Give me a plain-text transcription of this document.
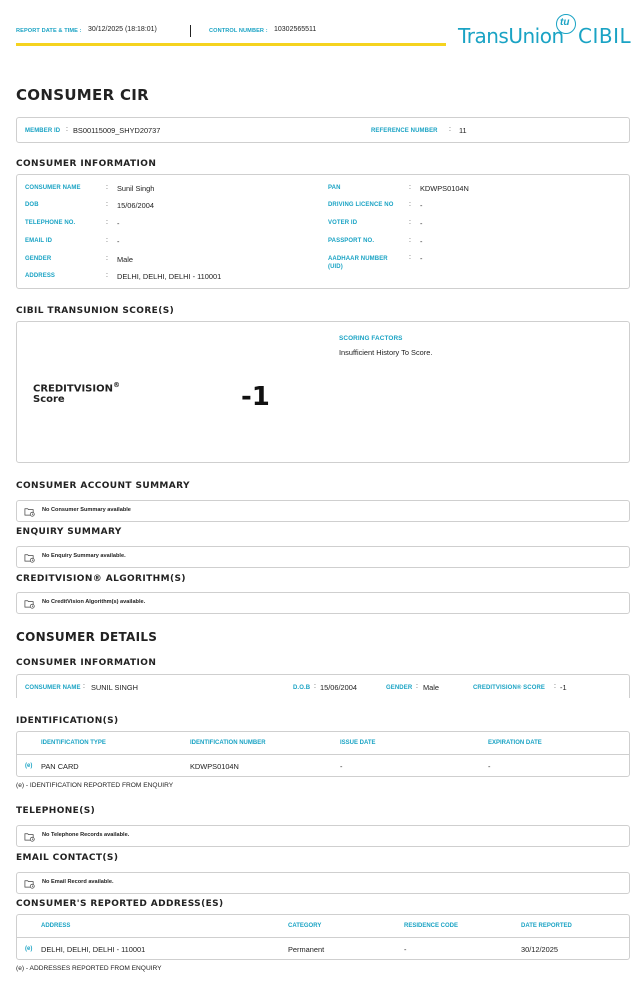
REPORT DATE & TIME : 30/12/2025 (18:18:01)	CONTROL NUMBER : 10302565511	TransUnion CIBIL
tu
CONSUMER CIR
MEMBER ID : BS00115009_SHYD20737	REFERENCE NUMBER : 11
CONSUMER INFORMATION
CONSUMER NAME	: Sunil Singh
DOB	: 15/06/2004
TELEPHONE NO.	: -
EMAIL ID	: -
GENDER	: Male
ADDRESS	: DELHI, DELHI, DELHI - 110001
PAN	: KDWPS0104N
DRIVING LICENCE NO : -
VOTER ID	: -
PASSPORT NO.	: -
AADHAAR NUMBER
(UID)
: -
CIBIL TRANSUNION SCORE(S)
CREDITVISION®
Score	-1
SCORING FACTORS
Insufficient History To Score.
CONSUMER ACCOUNT SUMMARY
No Consumer Summary available
ENQUIRY SUMMARY
No Enquiry Summary available.
CREDITVISION® ALGORITHM(S)
No CreditVision Algorithm(s) available.
CONSUMER DETAILS
CONSUMER INFORMATION
CONSUMER NAME : SUNIL SINGH	D.O.B : 15/06/2004	GENDER : Male	CREDITVISION® SCORE : -1
IDENTIFICATION(S)
IDENTIFICATION TYPE	IDENTIFICATION NUMBER	ISSUE DATE	EXPIRATION DATE
(e) PAN CARD	KDWPS0104N	-	-
(e) - IDENTIFICATION REPORTED FROM ENQUIRY
TELEPHONE(S)
No Telephone Records available.
EMAIL CONTACT(S)
No Email Record available.
CONSUMER'S REPORTED ADDRESS(ES)
ADDRESS	CATEGORY	RESIDENCE CODE	DATE REPORTED
(e) DELHI, DELHI, DELHI - 110001	Permanent	-	30/12/2025
(e) - ADDRESSES REPORTED FROM ENQUIRY
